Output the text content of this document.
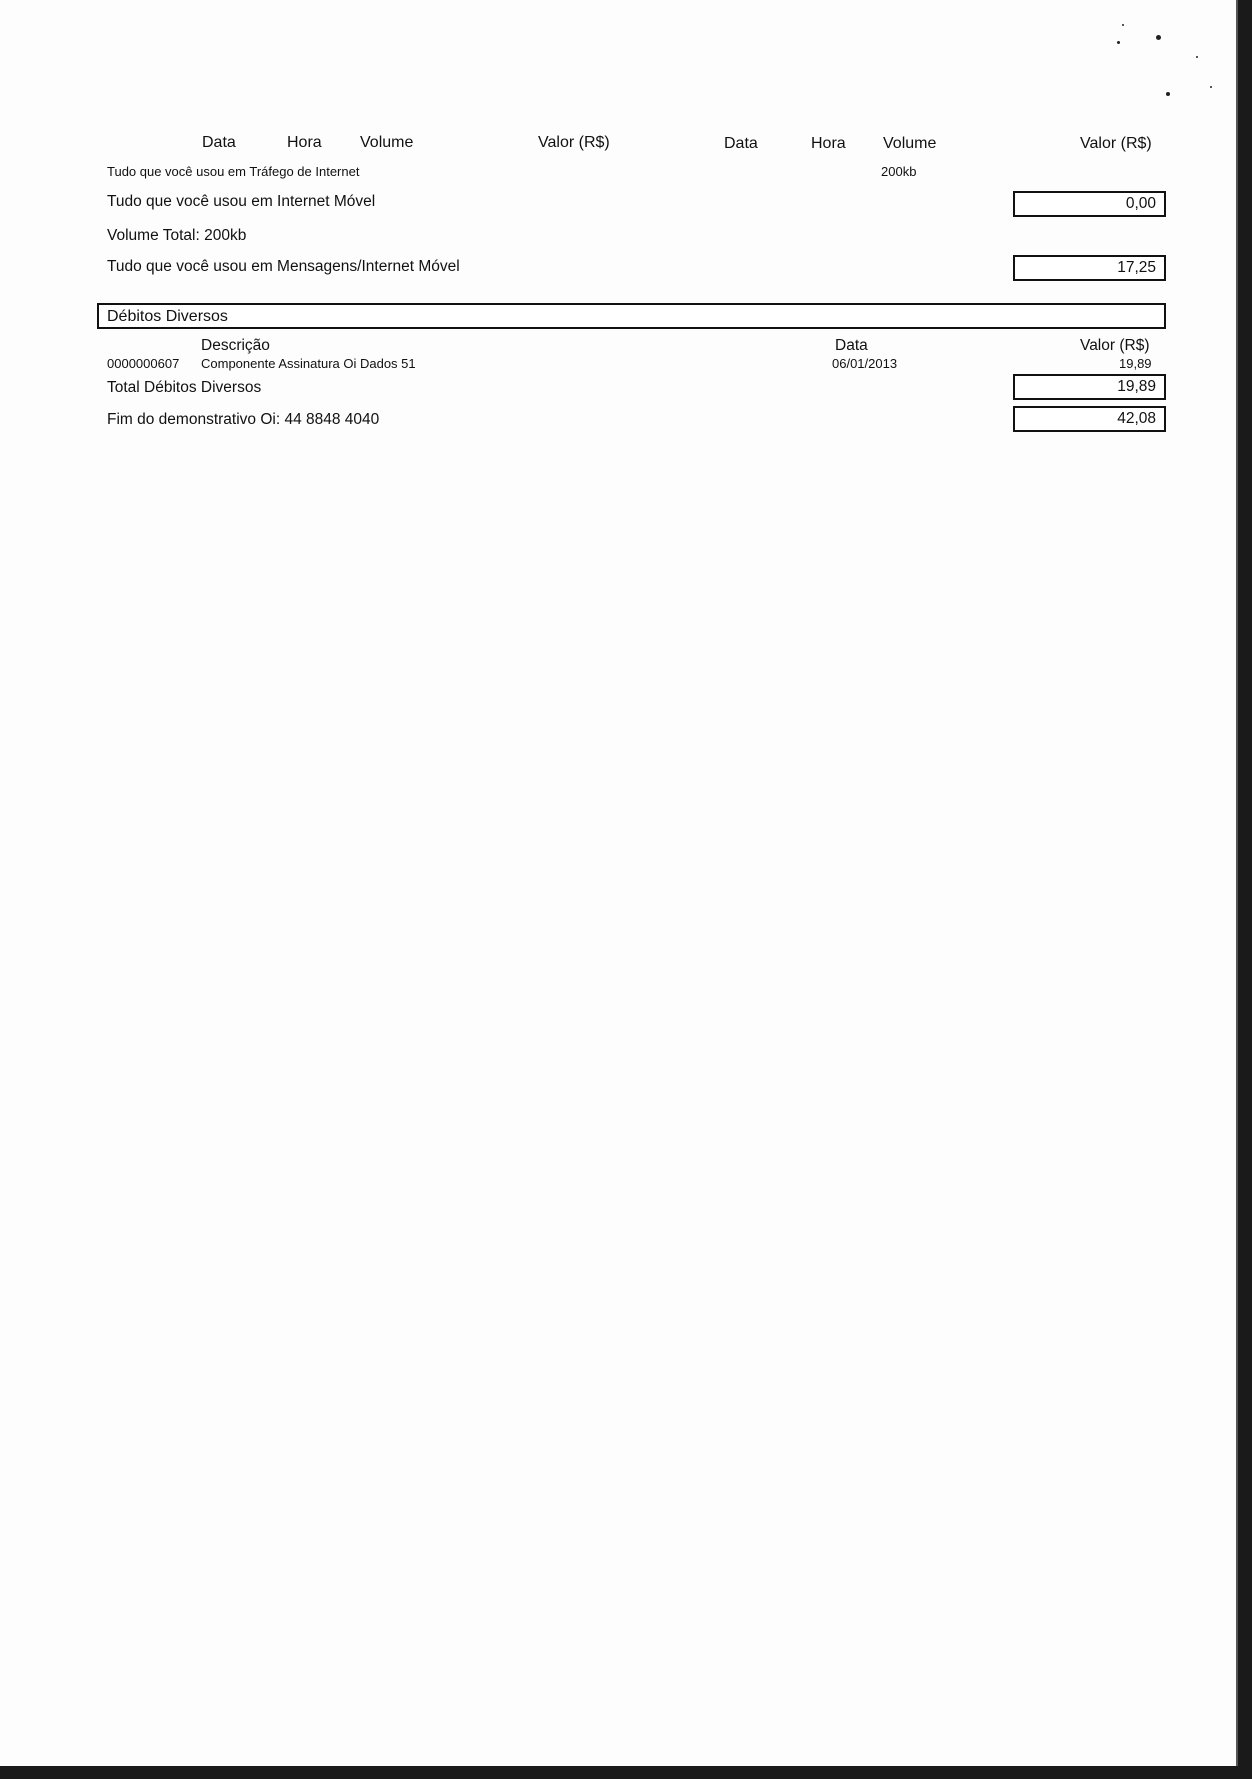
Data	Hora Volume	Valor (R$)	Data	Hora Volume	Valor (R$)
Tudo que você usou em Tráfego de Internet	200kb
Tudo que você usou em Internet Móvel	0,00
Volume Total: 200kb
Tudo que você usou em Mensagens/Internet Móvel	17,25
Débitos Diversos
Descrição	Data	Valor (R$)
0000000607 Componente Assinatura Oi Dados 51	06/01/2013	19,89
Total Débitos Diversos	19,89
Fim do demonstrativo Oi: 44 8848 4040	42,08
